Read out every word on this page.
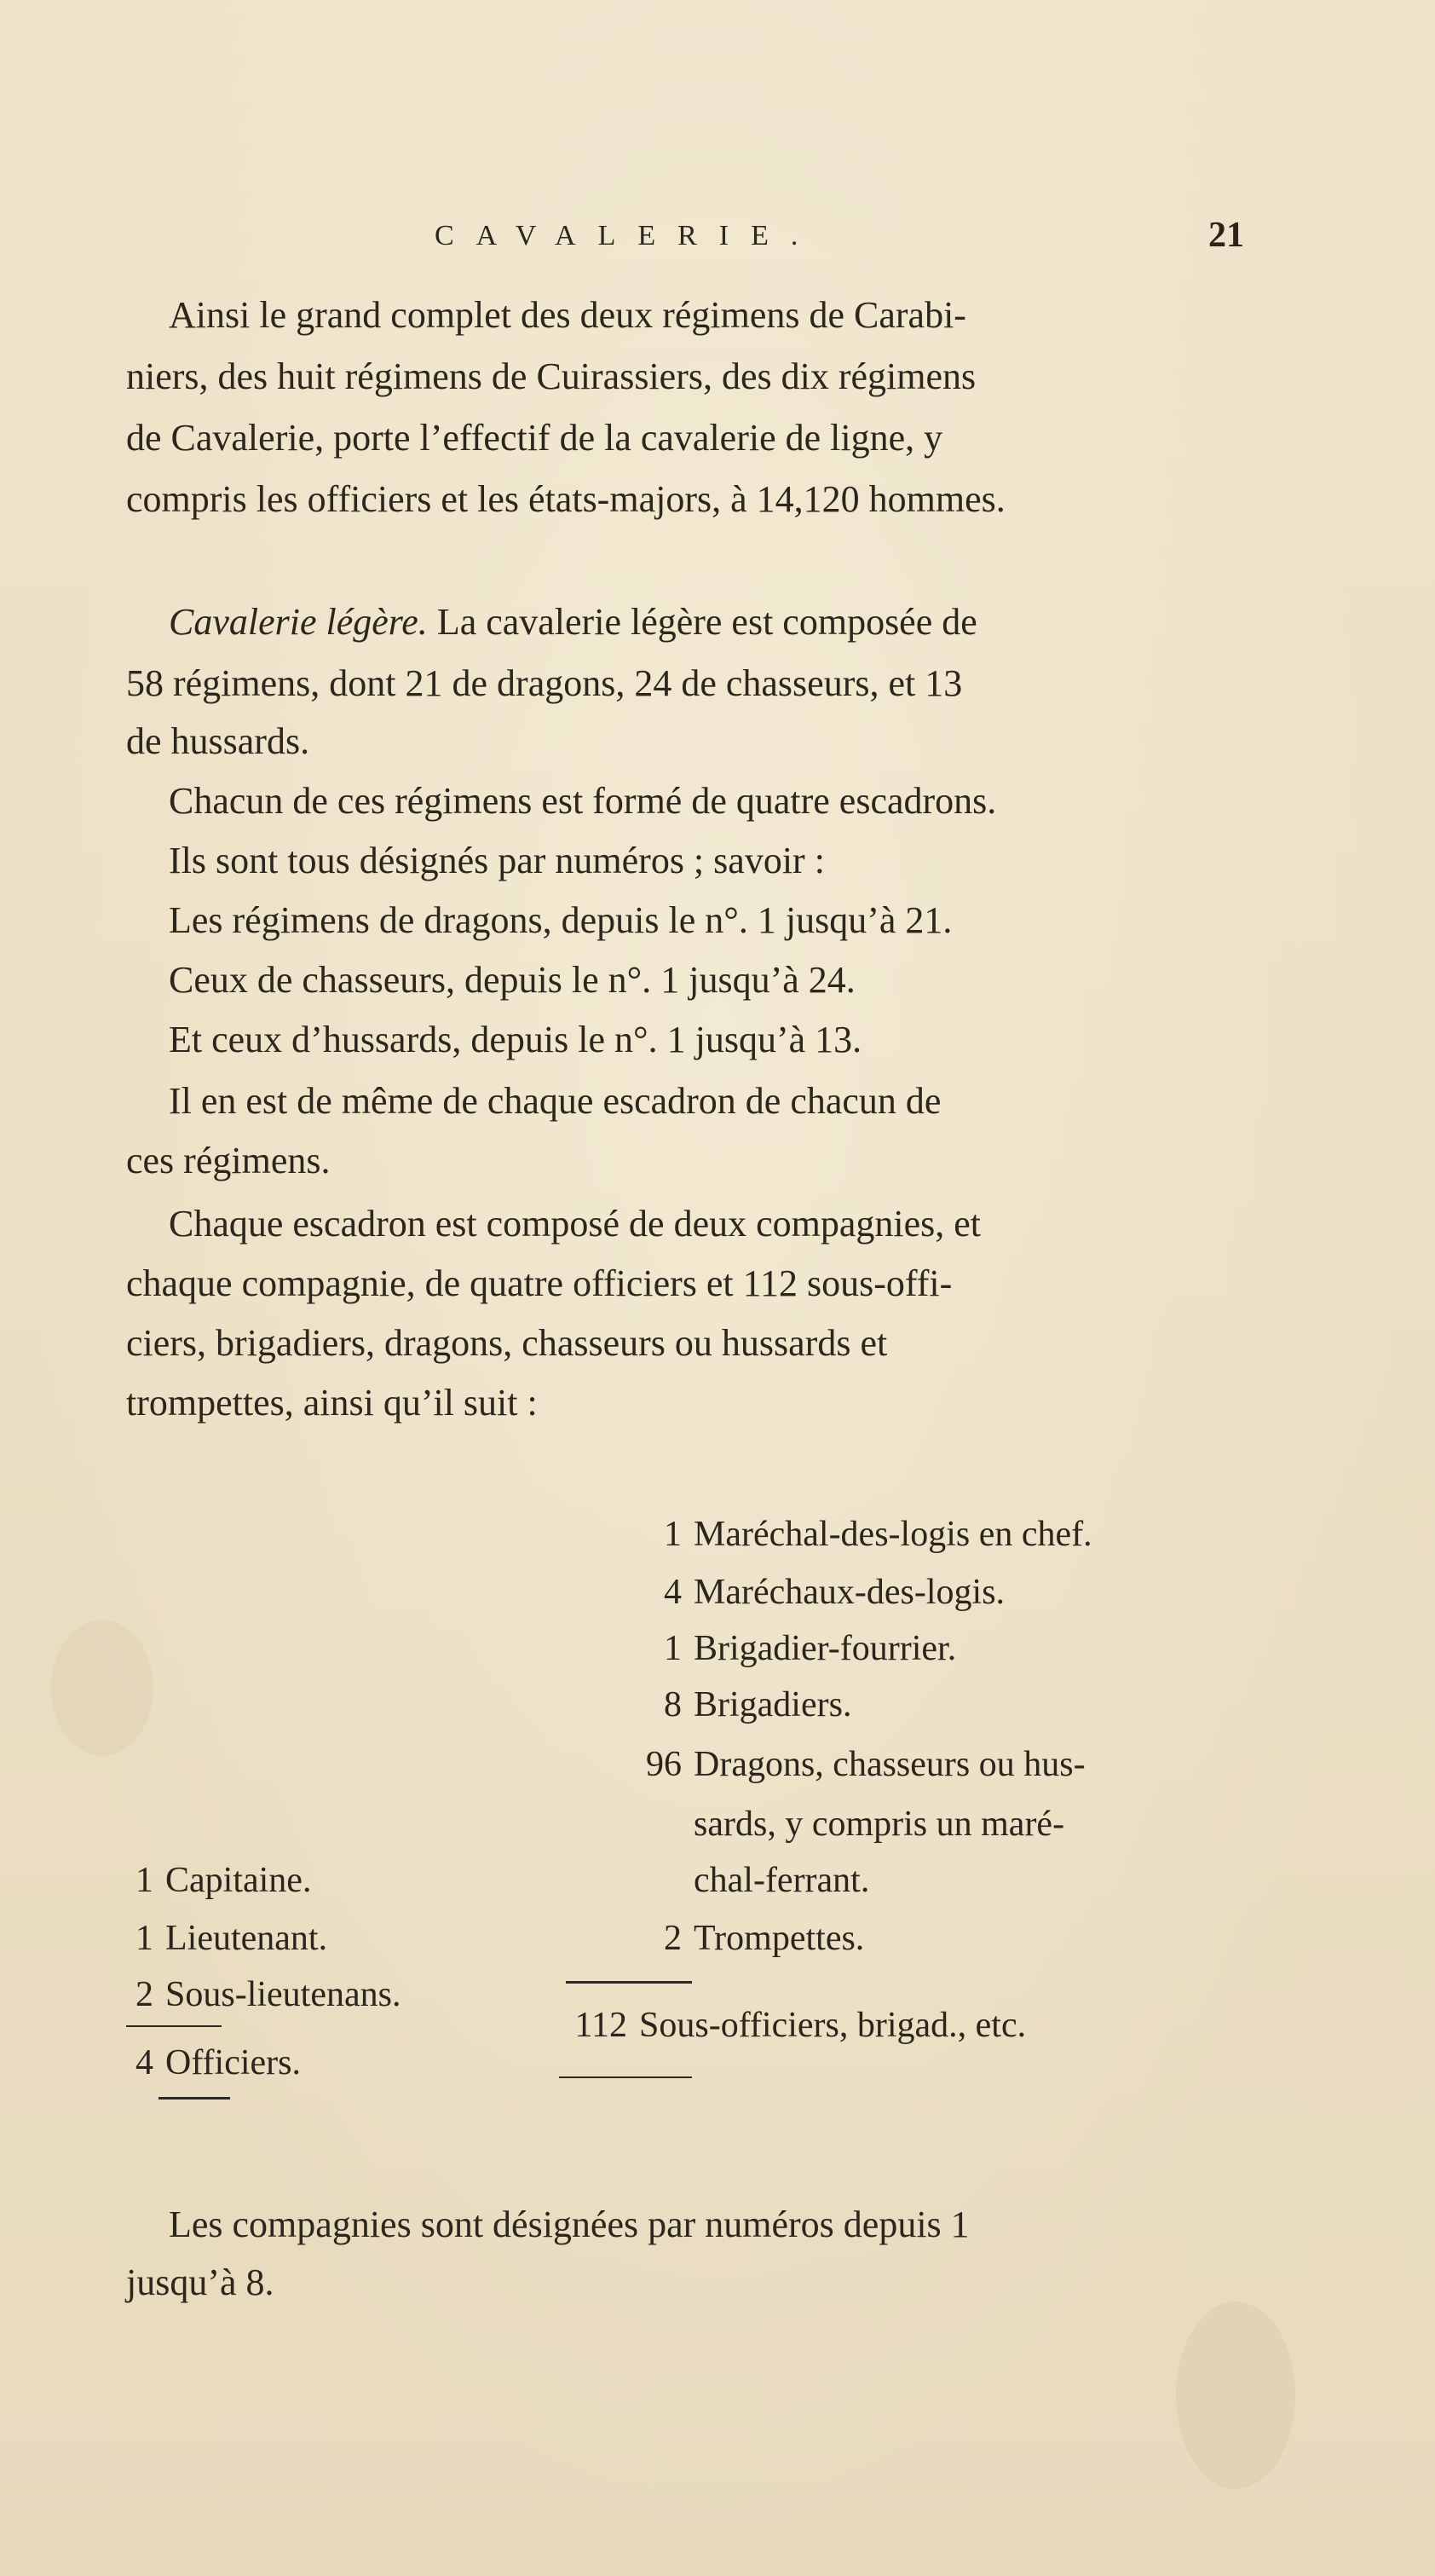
CAVALERIE.	21
Ainsi le grand complet des deux régimens de Carabi-
niers, des huit régimens de Cuirassiers, des dix régimens
de Cavalerie, porte l’effectif de la cavalerie de ligne, y
compris les officiers et les états-majors, à 14,120 hommes.
Cavalerie légère. La cavalerie légère est composée de
58 régimens, dont 21 de dragons, 24 de chasseurs, et 13
de hussards.
Chacun de ces régimens est formé de quatre escadrons.
Ils sont tous désignés par numéros ; savoir :
Les régimens de dragons, depuis le n°. 1 jusqu’à 21.
Ceux de chasseurs, depuis le n°. 1 jusqu’à 24.
Et ceux d’hussards, depuis le n°. 1 jusqu’à 13.
Il en est de même de chaque escadron de chacun de
ces régimens.
Chaque escadron est composé de deux compagnies, et
chaque compagnie, de quatre officiers et 112 sous-offi-
ciers, brigadiers, dragons, chasseurs ou hussards et
trompettes, ainsi qu’il suit :
1 Maréchal-des-logis en chef.
4 Maréchaux-des-logis.
1 Brigadier-fourrier.
8 Brigadiers.
96 Dragons, chasseurs ou hus-
sards, y compris un maré-
chal-ferrant.
2 Trompettes.
112 Sous-officiers, brigad., etc.
1 Capitaine.
1 Lieutenant.
2 Sous-lieutenans.
4 Officiers.
Les compagnies sont désignées par numéros depuis 1
jusqu’à 8.
